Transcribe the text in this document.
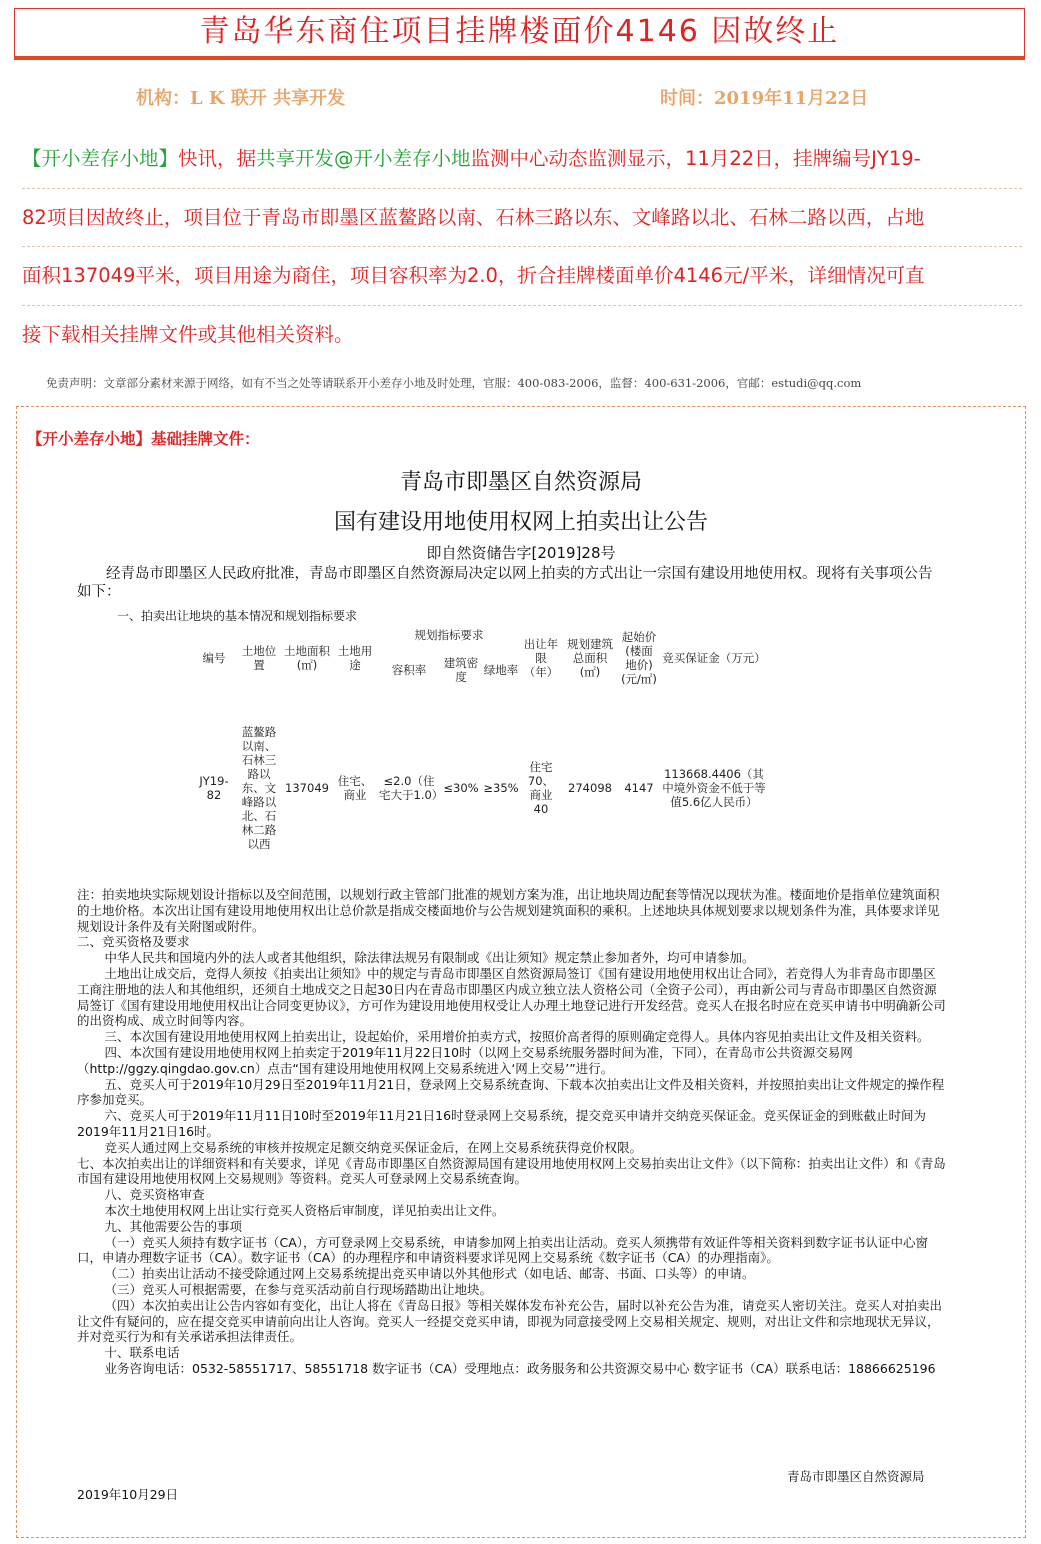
青岛华东商住项目挂牌楼面价4146 因故终止
机构：L K 联开 共享开发	时间：2019年11月22日
【开小差存小地】快讯，据共享开发@开小差存小地监测中心动态监测显示，11月22日，挂牌编号JY19-
82项目因故终止，项目位于青岛市即墨区蓝鳌路以南、石林三路以东、文峰路以北、石林二路以西，占地
面积137049平米，项目用途为商住，项目容积率为2.0，折合挂牌楼面单价4146元/平米，详细情况可直
接下载相关挂牌文件或其他相关资料。
免责声明：文章部分素材来源于网络，如有不当之处等请联系开小差存小地及时处理，官服：400-083-2006，监督：400-631-2006，官邮：estudi@qq.com
【开小差存小地】基础挂牌文件：
青岛市即墨区自然资源局
国有建设用地使用权网上拍卖出让公告
即自然资储告字[2019]28号
经青岛市即墨区人民政府批准，青岛市即墨区自然资源局决定以网上拍卖的方式出让一宗国有建设用地使用权。现将有关事项公告如下：
一、拍卖出让地块的基本情况和规划指标要求
编号	土地位置	土地面积(㎡)	土地用途	规划指标要求			出让年限（年）	规划建筑总面积(㎡)	起始价(楼面地价)(元/㎡)	竞买保证金（万元）
				容积率	建筑密度	绿地率				
JY19-82	蓝鳌路以南、石林三路以东、文峰路以北、石林二路以西	137049	住宅、商业	≤2.0（住宅大于1.0）	≤30%	≥35%	住宅70、商业40	274098	4147	113668.4406（其中境外资金不低于等值5.6亿人民币）

注：拍卖地块实际规划设计指标以及空间范围，以规划行政主管部门批准的规划方案为准，出让地块周边配套等情况以现状为准。楼面地价是指单位建筑面积的土地价格。本次出让国有建设用地使用权出让总价款是指成交楼面地价与公告规划建筑面积的乘积。上述地块具体规划要求以规划条件为准，具体要求详见规划设计条件及有关附图或附件。

二、竞买资格及要求

中华人民共和国境内外的法人或者其他组织，除法律法规另有限制或《出让须知》规定禁止参加者外，均可申请参加。

土地出让成交后，竞得人须按《拍卖出让须知》中的规定与青岛市即墨区自然资源局签订《国有建设用地使用权出让合同》，若竞得人为非青岛市即墨区工商注册地的法人和其他组织，还须自土地成交之日起30日内在青岛市即墨区内成立独立法人资格公司（全资子公司），再由新公司与青岛市即墨区自然资源局签订《国有建设用地使用权出让合同变更协议》，方可作为建设用地使用权受让人办理土地登记进行开发经营。竞买人在报名时应在竞买申请书中明确新公司的出资构成、成立时间等内容。

三、本次国有建设用地使用权网上拍卖出让，设起始价，采用增价拍卖方式，按照价高者得的原则确定竞得人。具体内容见拍卖出让文件及相关资料。

四、本次国有建设用地使用权网上拍卖定于2019年11月22日10时（以网上交易系统服务器时间为准，下同），在青岛市公共资源交易网（http://ggzy.qingdao.gov.cn）点击“国有建设用地使用权网上交易系统进入‘网上交易’”进行。

五、竞买人可于2019年10月29日至2019年11月21日，登录网上交易系统查询、下载本次拍卖出让文件及相关资料，并按照拍卖出让文件规定的操作程序参加竞买。

六、竞买人可于2019年11月11日10时至2019年11月21日16时登录网上交易系统，提交竞买申请并交纳竞买保证金。竞买保证金的到账截止时间为2019年11月21日16时。

竞买人通过网上交易系统的审核并按规定足额交纳竞买保证金后，在网上交易系统获得竞价权限。

七、本次拍卖出让的详细资料和有关要求，详见《青岛市即墨区自然资源局国有建设用地使用权网上交易拍卖出让文件》（以下简称：拍卖出让文件）和《青岛市国有建设用地使用权网上交易规则》等资料。竞买人可登录网上交易系统查询。

八、竞买资格审查

本次土地使用权网上出让实行竞买人资格后审制度，详见拍卖出让文件。

九、其他需要公告的事项

（一）竞买人须持有数字证书（CA），方可登录网上交易系统，申请参加网上拍卖出让活动。竞买人须携带有效证件等相关资料到数字证书认证中心窗口，申请办理数字证书（CA）。数字证书（CA）的办理程序和申请资料要求详见网上交易系统《数字证书（CA）的办理指南》。

（二）拍卖出让活动不接受除通过网上交易系统提出竞买申请以外其他形式（如电话、邮寄、书面、口头等）的申请。

（三）竞买人可根据需要，在参与竞买活动前自行现场踏勘出让地块。

（四）本次拍卖出让公告内容如有变化，出让人将在《青岛日报》等相关媒体发布补充公告，届时以补充公告为准，请竞买人密切关注。竞买人对拍卖出让文件有疑问的，应在提交竞买申请前向出让人咨询。竞买人一经提交竞买申请，即视为同意接受网上交易相关规定、规则，对出让文件和宗地现状无异议，并对竞买行为和有关承诺承担法律责任。

十、联系电话

业务咨询电话：0532-58551717、58551718 数字证书（CA）受理地点：政务服务和公共资源交易中心 数字证书（CA）联系电话：18866625196

青岛市即墨区自然资源局
2019年10月29日
